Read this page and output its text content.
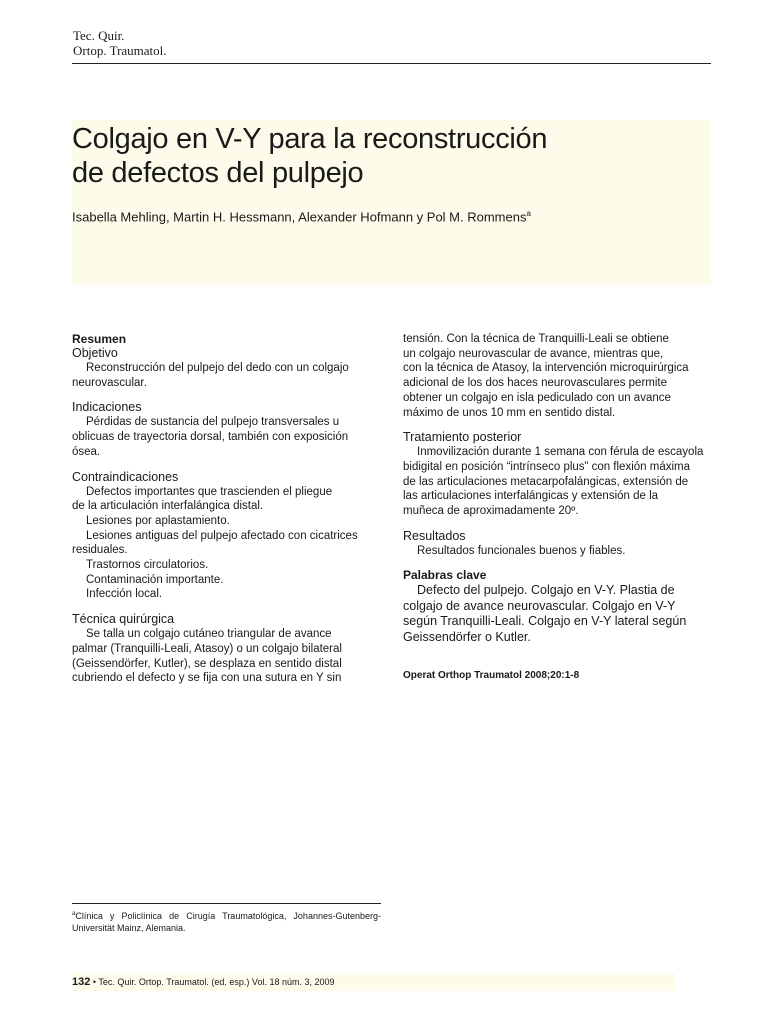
Tec. Quir.
Ortop. Traumatol.
Colgajo en V-Y para la reconstrucción
de defectos del pulpejo
Isabella Mehling, Martin H. Hessmann, Alexander Hofmann y Pol M. Rommens$^a$
Resumen
Objetivo

Reconstrucción del pulpejo del dedo con un colgajo

neurovascular.

Indicaciones

Pérdidas de sustancia del pulpejo transversales u

oblicuas de trayectoria dorsal, también con exposición

ósea.

Contraindicaciones

Defectos importantes que trascienden el pliegue

de la articulación interfalángica distal.

Lesiones por aplastamiento.

Lesiones antiguas del pulpejo afectado con cicatrices

residuales.

Trastornos circulatorios.

Contaminación importante.

Infección local.

Técnica quirúrgica

Se talla un colgajo cutáneo triangular de avance

palmar (Tranquilli-Leali, Atasoy) o un colgajo bilateral

(Geissendörfer, Kutler), se desplaza en sentido distal

cubriendo el defecto y se fija con una sutura en Y sin

tensión. Con la técnica de Tranquilli-Leali se obtiene

un colgajo neurovascular de avance, mientras que,

con la técnica de Atasoy, la intervención microquirúrgica

adicional de los dos haces neurovasculares permite

obtener un colgajo en isla pediculado con un avance

máximo de unos 10 mm en sentido distal.

Tratamiento posterior

Inmovilización durante 1 semana con férula de escayola

bidigital en posición “intrínseco plus” con flexión máxima

de las articulaciones metacarpofalángicas, extensión de

las articulaciones interfalángicas y extensión de la

muñeca de aproximadamente 20º.

Resultados

Resultados funcionales buenos y fiables.

Palabras clave

Defecto del pulpejo. Colgajo en V-Y. Plastia de

colgajo de avance neurovascular. Colgajo en V-Y

según Tranquilli-Leali. Colgajo en V-Y lateral según

Geissendörfer o Kutler.

Operat Orthop Traumatol 2008;20:1-8

$^a$Clínica y Policlínica de Cirugía Traumatológica, Johannes-Gutenberg-Universität Mainz, Alemania.
132 • Tec. Quir. Ortop. Traumatol. (ed. esp.) Vol. 18 núm. 3, 2009
